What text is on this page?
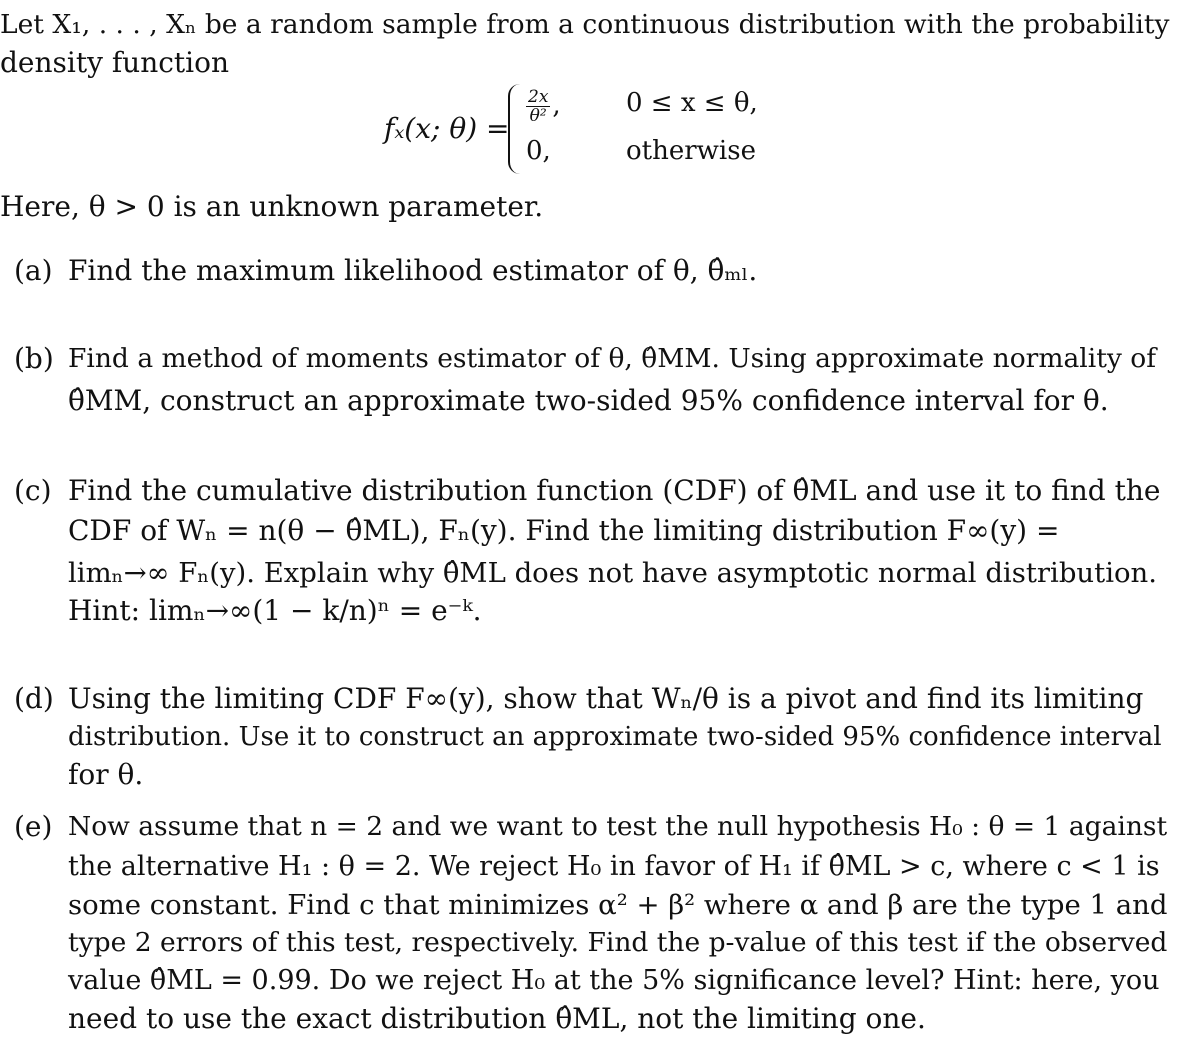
Let X₁, . . . , Xₙ be a random sample from a continuous distribution with the probability
density function
fₓ(x; θ) =
$\frac{2x}{\text{θ²}}$ ,	0 ≤ x ≤ θ,
0,	otherwise
Here, θ > 0 is an unknown parameter.
(a) Find the maximum likelihood estimator of θ, θ̂ₘₗ.
(b) Find a method of moments estimator of θ, θ̂MM. Using approximate normality of
θ̂MM, construct an approximate two-sided 95% confidence interval for θ.
(c) Find the cumulative distribution function (CDF) of θ̂ML and use it to find the
CDF of Wₙ = n(θ − θ̂ML), Fₙ(y). Find the limiting distribution F∞(y) =
limₙ→∞ Fₙ(y). Explain why θ̂ML does not have asymptotic normal distribution.
Hint: limₙ→∞(1 − k/n)ⁿ = e⁻ᵏ.
(d) Using the limiting CDF F∞(y), show that Wₙ/θ is a pivot and find its limiting
distribution. Use it to construct an approximate two-sided 95% confidence interval
for θ.
(e) Now assume that n = 2 and we want to test the null hypothesis H₀ : θ = 1 against
the alternative H₁ : θ = 2. We reject H₀ in favor of H₁ if θ̂ML > c, where c < 1 is
some constant. Find c that minimizes α² + β² where α and β are the type 1 and
type 2 errors of this test, respectively. Find the p-value of this test if the observed
value θ̂ML = 0.99. Do we reject H₀ at the 5% significance level? Hint: here, you
need to use the exact distribution θ̂ML, not the limiting one.
